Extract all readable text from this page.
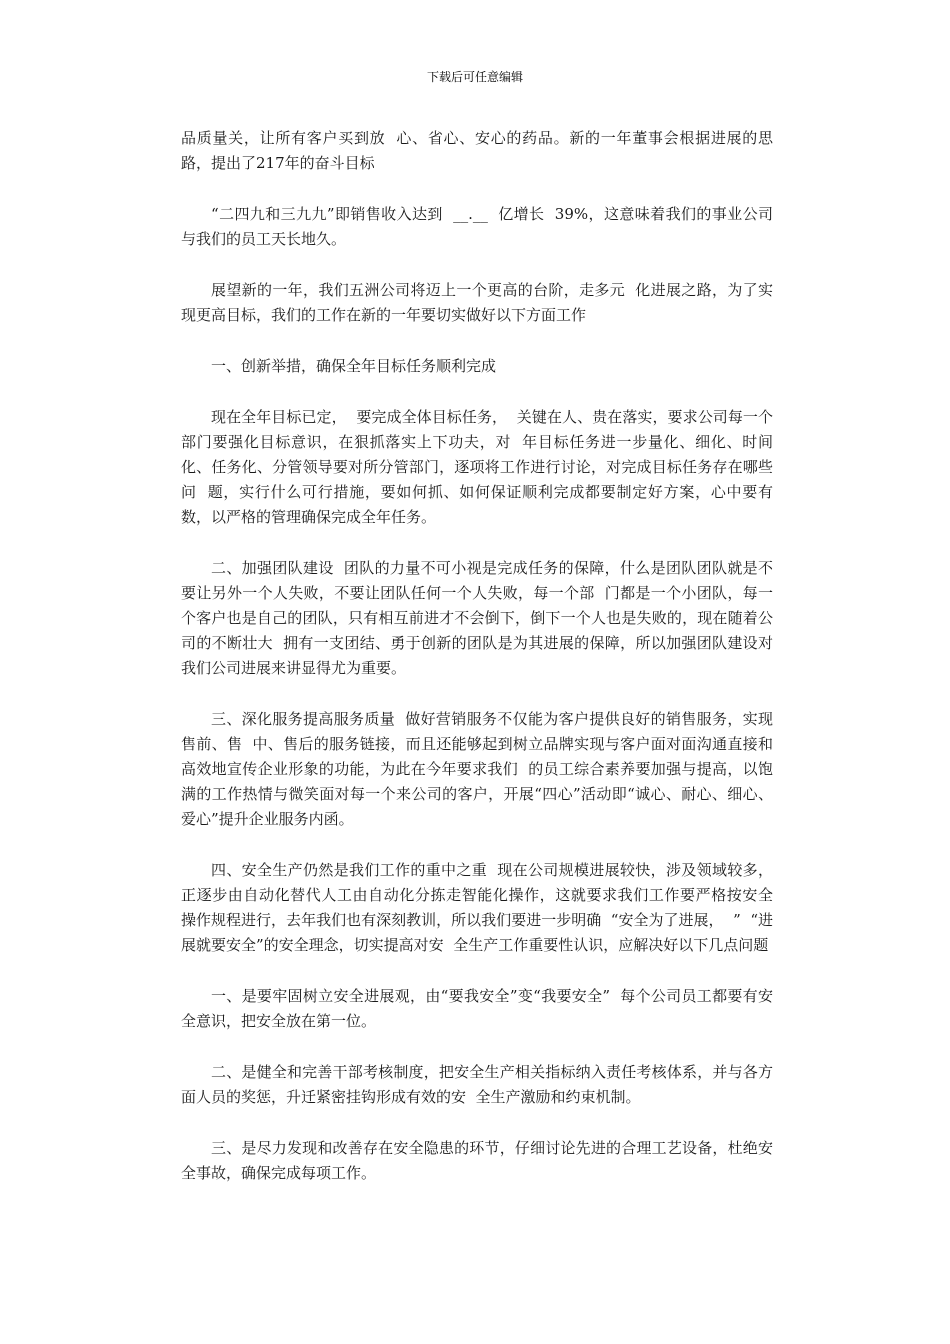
下载后可任意编辑

品质量关，让所有客户买到放  心、省心、安心的药品。新的一年董事会根据进展的思路，提出了217年的奋斗目标

“二四九和三九九”即销售收入达到  __.__  亿增长  39%，这意味着我们的事业公司与我们的员工天长地久。

展望新的一年，我们五洲公司将迈上一个更高的台阶，走多元  化进展之路，为了实现更高目标，我们的工作在新的一年要切实做好以下方面工作

一、创新举措，确保全年目标任务顺利完成

现在全年目标已定，  要完成全体目标任务，  关键在人、贵在落实，要求公司每一个部门要强化目标意识，在狠抓落实上下功夫，对  年目标任务进一步量化、细化、时间化、任务化、分管领导要对所分管部门，逐项将工作进行讨论，对完成目标任务存在哪些问  题，实行什么可行措施，要如何抓、如何保证顺利完成都要制定好方案，心中要有数，以严格的管理确保完成全年任务。

二、加强团队建设  团队的力量不可小视是完成任务的保障，什么是团队团队就是不要让另外一个人失败，不要让团队任何一个人失败，每一个部  门都是一个小团队，每一个客户也是自己的团队，只有相互前进才不会倒下，倒下一个人也是失败的，现在随着公司的不断壮大  拥有一支团结、勇于创新的团队是为其进展的保障，所以加强团队建设对我们公司进展来讲显得尤为重要。

三、深化服务提高服务质量  做好营销服务不仅能为客户提供良好的销售服务，实现售前、售  中、售后的服务链接，而且还能够起到树立品牌实现与客户面对面沟通直接和高效地宣传企业形象的功能，为此在今年要求我们  的员工综合素养要加强与提高，以饱满的工作热情与微笑面对每一个来公司的客户，开展“四心”活动即“诚心、耐心、细心、爱心”提升企业服务内函。

四、安全生产仍然是我们工作的重中之重  现在公司规模进展较快，涉及领域较多，正逐步由自动化替代人工由自动化分拣走智能化操作，这就要求我们工作要严格按安全  操作规程进行，去年我们也有深刻教训，所以我们要进一步明确  “安全为了进展，  ”  “进展就要安全”的安全理念，切实提高对安  全生产工作重要性认识，应解决好以下几点问题

一、是要牢固树立安全进展观，由“要我安全”变“我要安全”  每个公司员工都要有安全意识，把安全放在第一位。

二、是健全和完善干部考核制度，把安全生产相关指标纳入责任考核体系，并与各方面人员的奖惩，升迁紧密挂钩形成有效的安  全生产激励和约束机制。

三、是尽力发现和改善存在安全隐患的环节，仔细讨论先进的合理工艺设备，杜绝安全事故，确保完成每项工作。
